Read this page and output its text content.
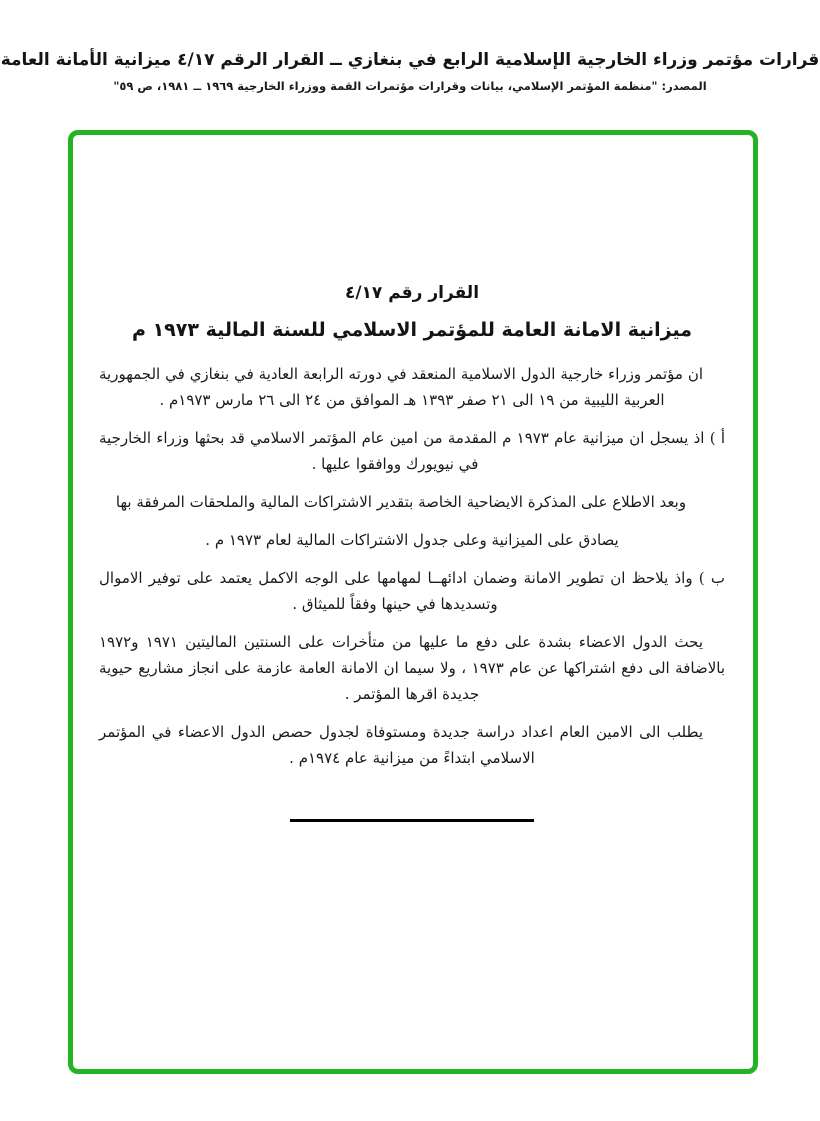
قرارات مؤتمر وزراء الخارجية الإسلامية الرابع في بنغازي ــ القرار الرقم ٤/١٧ ميزانية الأمانة العامة
المصدر: "منظمة المؤتمر الإسلامي، بيانات وقرارات مؤتمرات القمة ووزراء الخارجية ١٩٦٩ ــ ١٩٨١، ص ٥٩"
القرار رقم ٤/١٧
ميزانية الامانة العامة للمؤتمر الاسلامي للسنة المالية ١٩٧٣ م

ان مؤتمر وزراء خارجية الدول الاسلامية المنعقد في دورته الرابعة العادية في بنغازي في الجمهورية العربية الليبية من ١٩ الى ٢١ صفر ١٣٩٣ هـ الموافق من ٢٤ الى ٢٦ مارس ١٩٧٣م .

أ ) اذ يسجل ان ميزانية عام ١٩٧٣ م المقدمة من امين عام المؤتمر الاسلامي قد بحثها وزراء الخارجية في نيويورك ووافقوا عليها .

وبعد الاطلاع على المذكرة الايضاحية الخاصة بتقدير الاشتراكات المالية والملحقات المرفقة بها

يصادق على الميزانية وعلى جدول الاشتراكات المالية لعام ١٩٧٣ م .

ب ) واذ يلاحظ ان تطوير الامانة وضمان ادائهــا لمهامها على الوجه الاكمل يعتمد على توفير الاموال وتسديدها في حينها وفقاً للميثاق .

يحث الدول الاعضاء بشدة على دفع ما عليها من متأخرات على السنتين الماليتين ١٩٧١ و١٩٧٢ بالاضافة الى دفع اشتراكها عن عام ١٩٧٣ ، ولا سيما ان الامانة العامة عازمة على انجاز مشاريع حيوية جديدة اقرها المؤتمر .

يطلب الى الامين العام اعداد دراسة جديدة ومستوفاة لجدول حصص الدول الاعضاء في المؤتمر الاسلامي ابتداءً من ميزانية عام ١٩٧٤م .
